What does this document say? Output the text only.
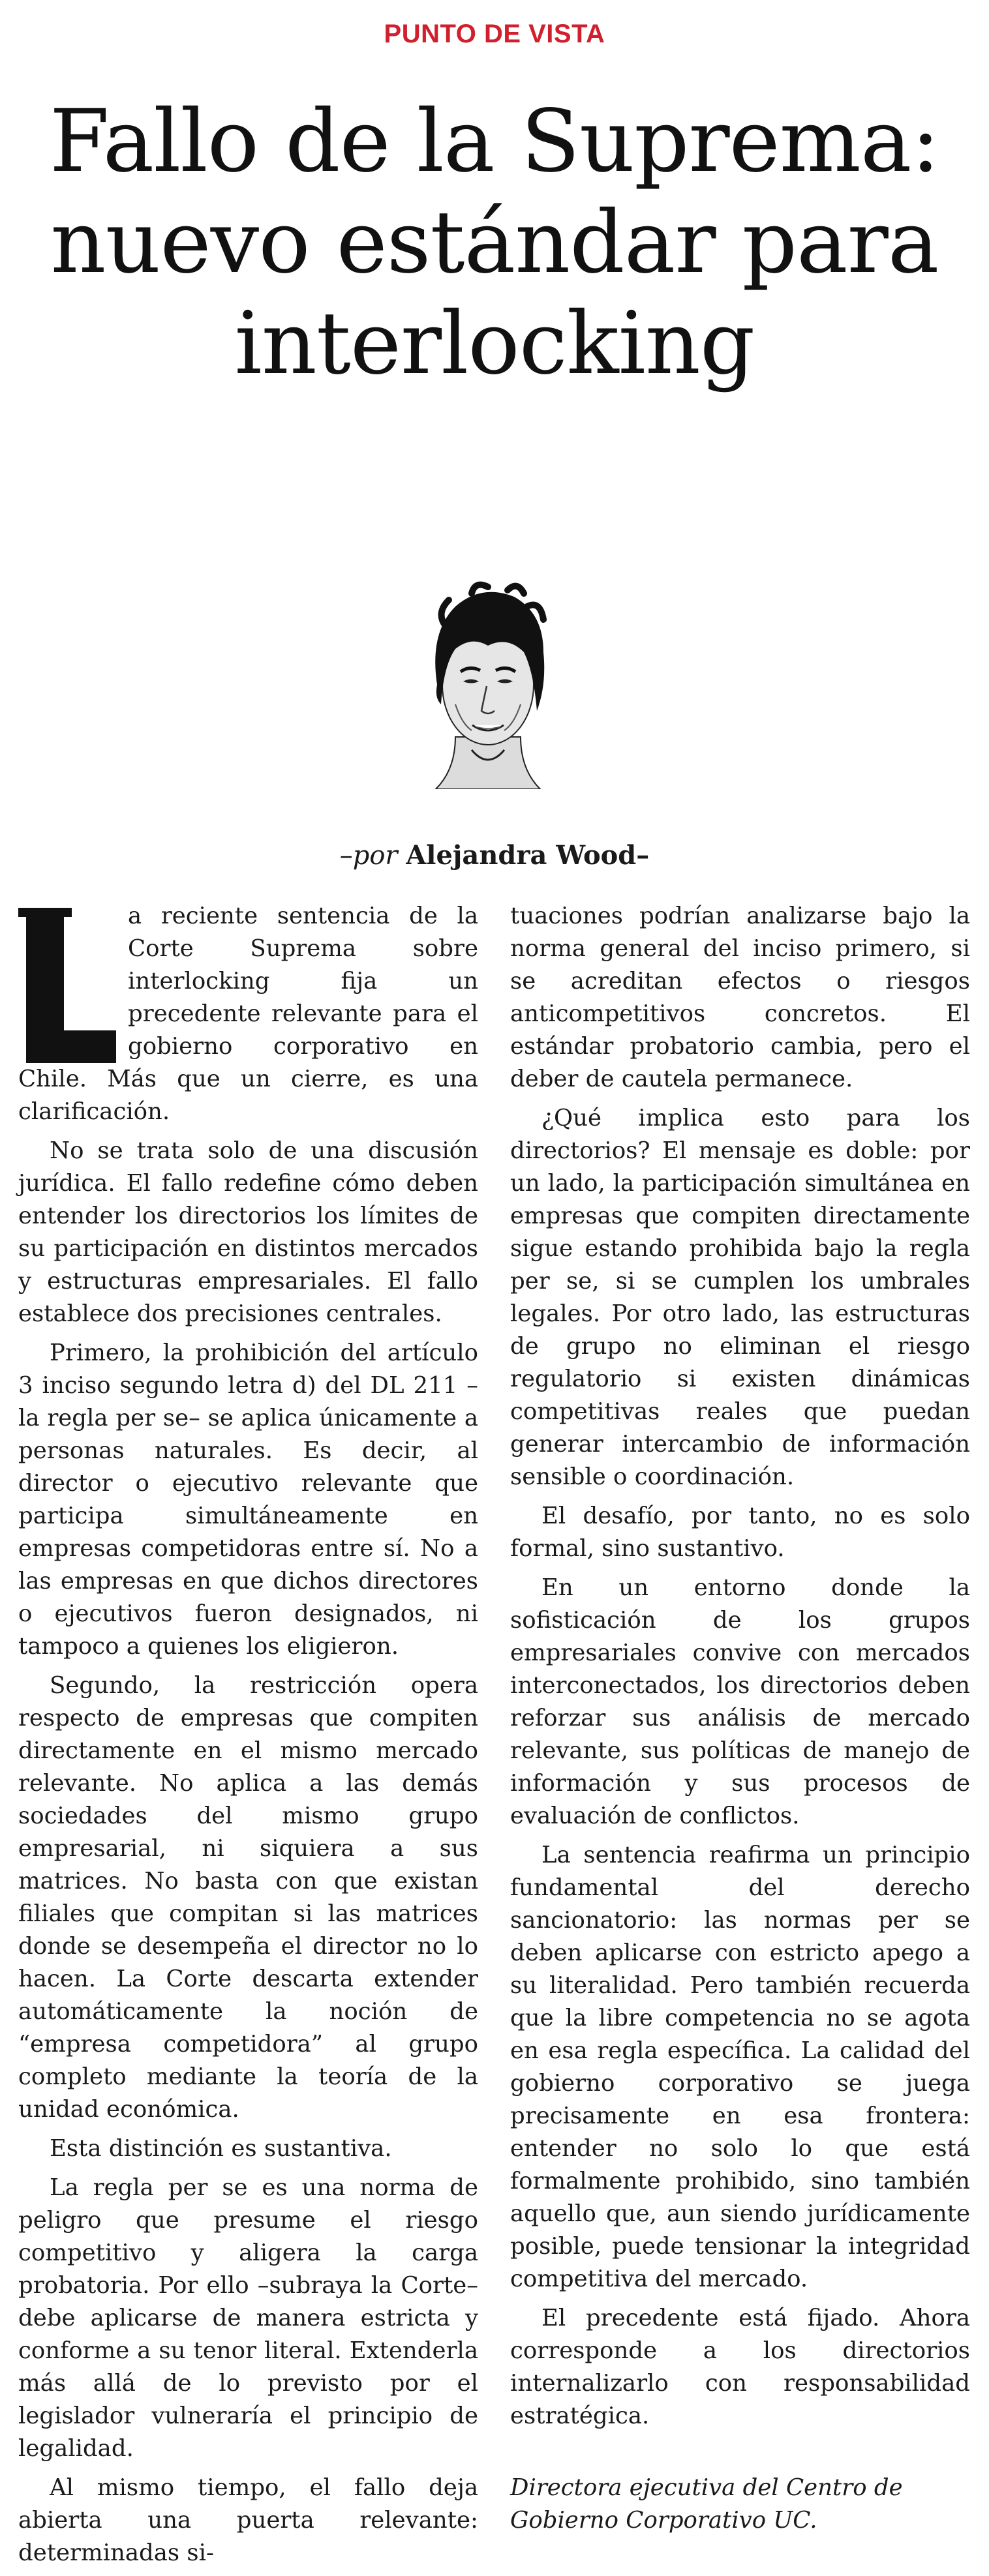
PUNTO DE VISTA
Fallo de la Suprema:
nuevo estándar para
interlocking
–por Alejandra Wood–

a reciente sentencia de la Corte Suprema sobre interlocking fija un precedente relevante para el gobierno corporativo en Chile. Más que un cierre, es una clarificación.

No se trata solo de una discusión jurídica. El fallo redefine cómo deben entender los directorios los límites de su participación en distintos mercados y estructuras empresariales. El fallo establece dos precisiones centrales.

Primero, la prohibición del artículo 3 inciso segundo letra d) del DL 211 –la regla per se– se aplica únicamente a personas naturales. Es decir, al director o ejecutivo relevante que participa simultáneamente en empresas competidoras entre sí. No a las empresas en que dichos directores o ejecutivos fueron designados, ni tampoco a quienes los eligieron.

Segundo, la restricción opera respecto de empresas que compiten directamente en el mismo mercado relevante. No aplica a las demás sociedades del mismo grupo empresarial, ni siquiera a sus matrices. No basta con que existan filiales que compitan si las matrices donde se desempeña el director no lo hacen. La Corte descarta extender automáticamente la noción de “empresa competidora” al grupo completo mediante la teoría de la unidad económica.

Esta distinción es sustantiva.

La regla per se es una norma de peligro que presume el riesgo competitivo y aligera la carga probatoria. Por ello –subraya la Corte– debe aplicarse de manera estricta y conforme a su tenor literal. Extenderla más allá de lo previsto por el legislador vulneraría el principio de legalidad.

Al mismo tiempo, el fallo deja abierta una puerta relevante: determinadas si-

tuaciones podrían analizarse bajo la norma general del inciso primero, si se acreditan efectos o riesgos anticompetitivos concretos. El estándar probatorio cambia, pero el deber de cautela permanece.

¿Qué implica esto para los directorios? El mensaje es doble: por un lado, la participación simultánea en empresas que compiten directamente sigue estando prohibida bajo la regla per se, si se cumplen los umbrales legales. Por otro lado, las estructuras de grupo no eliminan el riesgo regulatorio si existen dinámicas competitivas reales que puedan generar intercambio de información sensible o coordinación.

El desafío, por tanto, no es solo formal, sino sustantivo.

En un entorno donde la sofisticación de los grupos empresariales convive con mercados interconectados, los directorios deben reforzar sus análisis de mercado relevante, sus políticas de manejo de información y sus procesos de evaluación de conflictos.

La sentencia reafirma un principio fundamental del derecho sancionatorio: las normas per se deben aplicarse con estricto apego a su literalidad. Pero también recuerda que la libre competencia no se agota en esa regla específica. La calidad del gobierno corporativo se juega precisamente en esa frontera: entender no solo lo que está formalmente prohibido, sino también aquello que, aun siendo jurídicamente posible, puede tensionar la integridad competitiva del mercado.

El precedente está fijado. Ahora corresponde a los directorios internalizarlo con responsabilidad estratégica.

Directora ejecutiva del Centro de Gobierno Corporativo UC.
